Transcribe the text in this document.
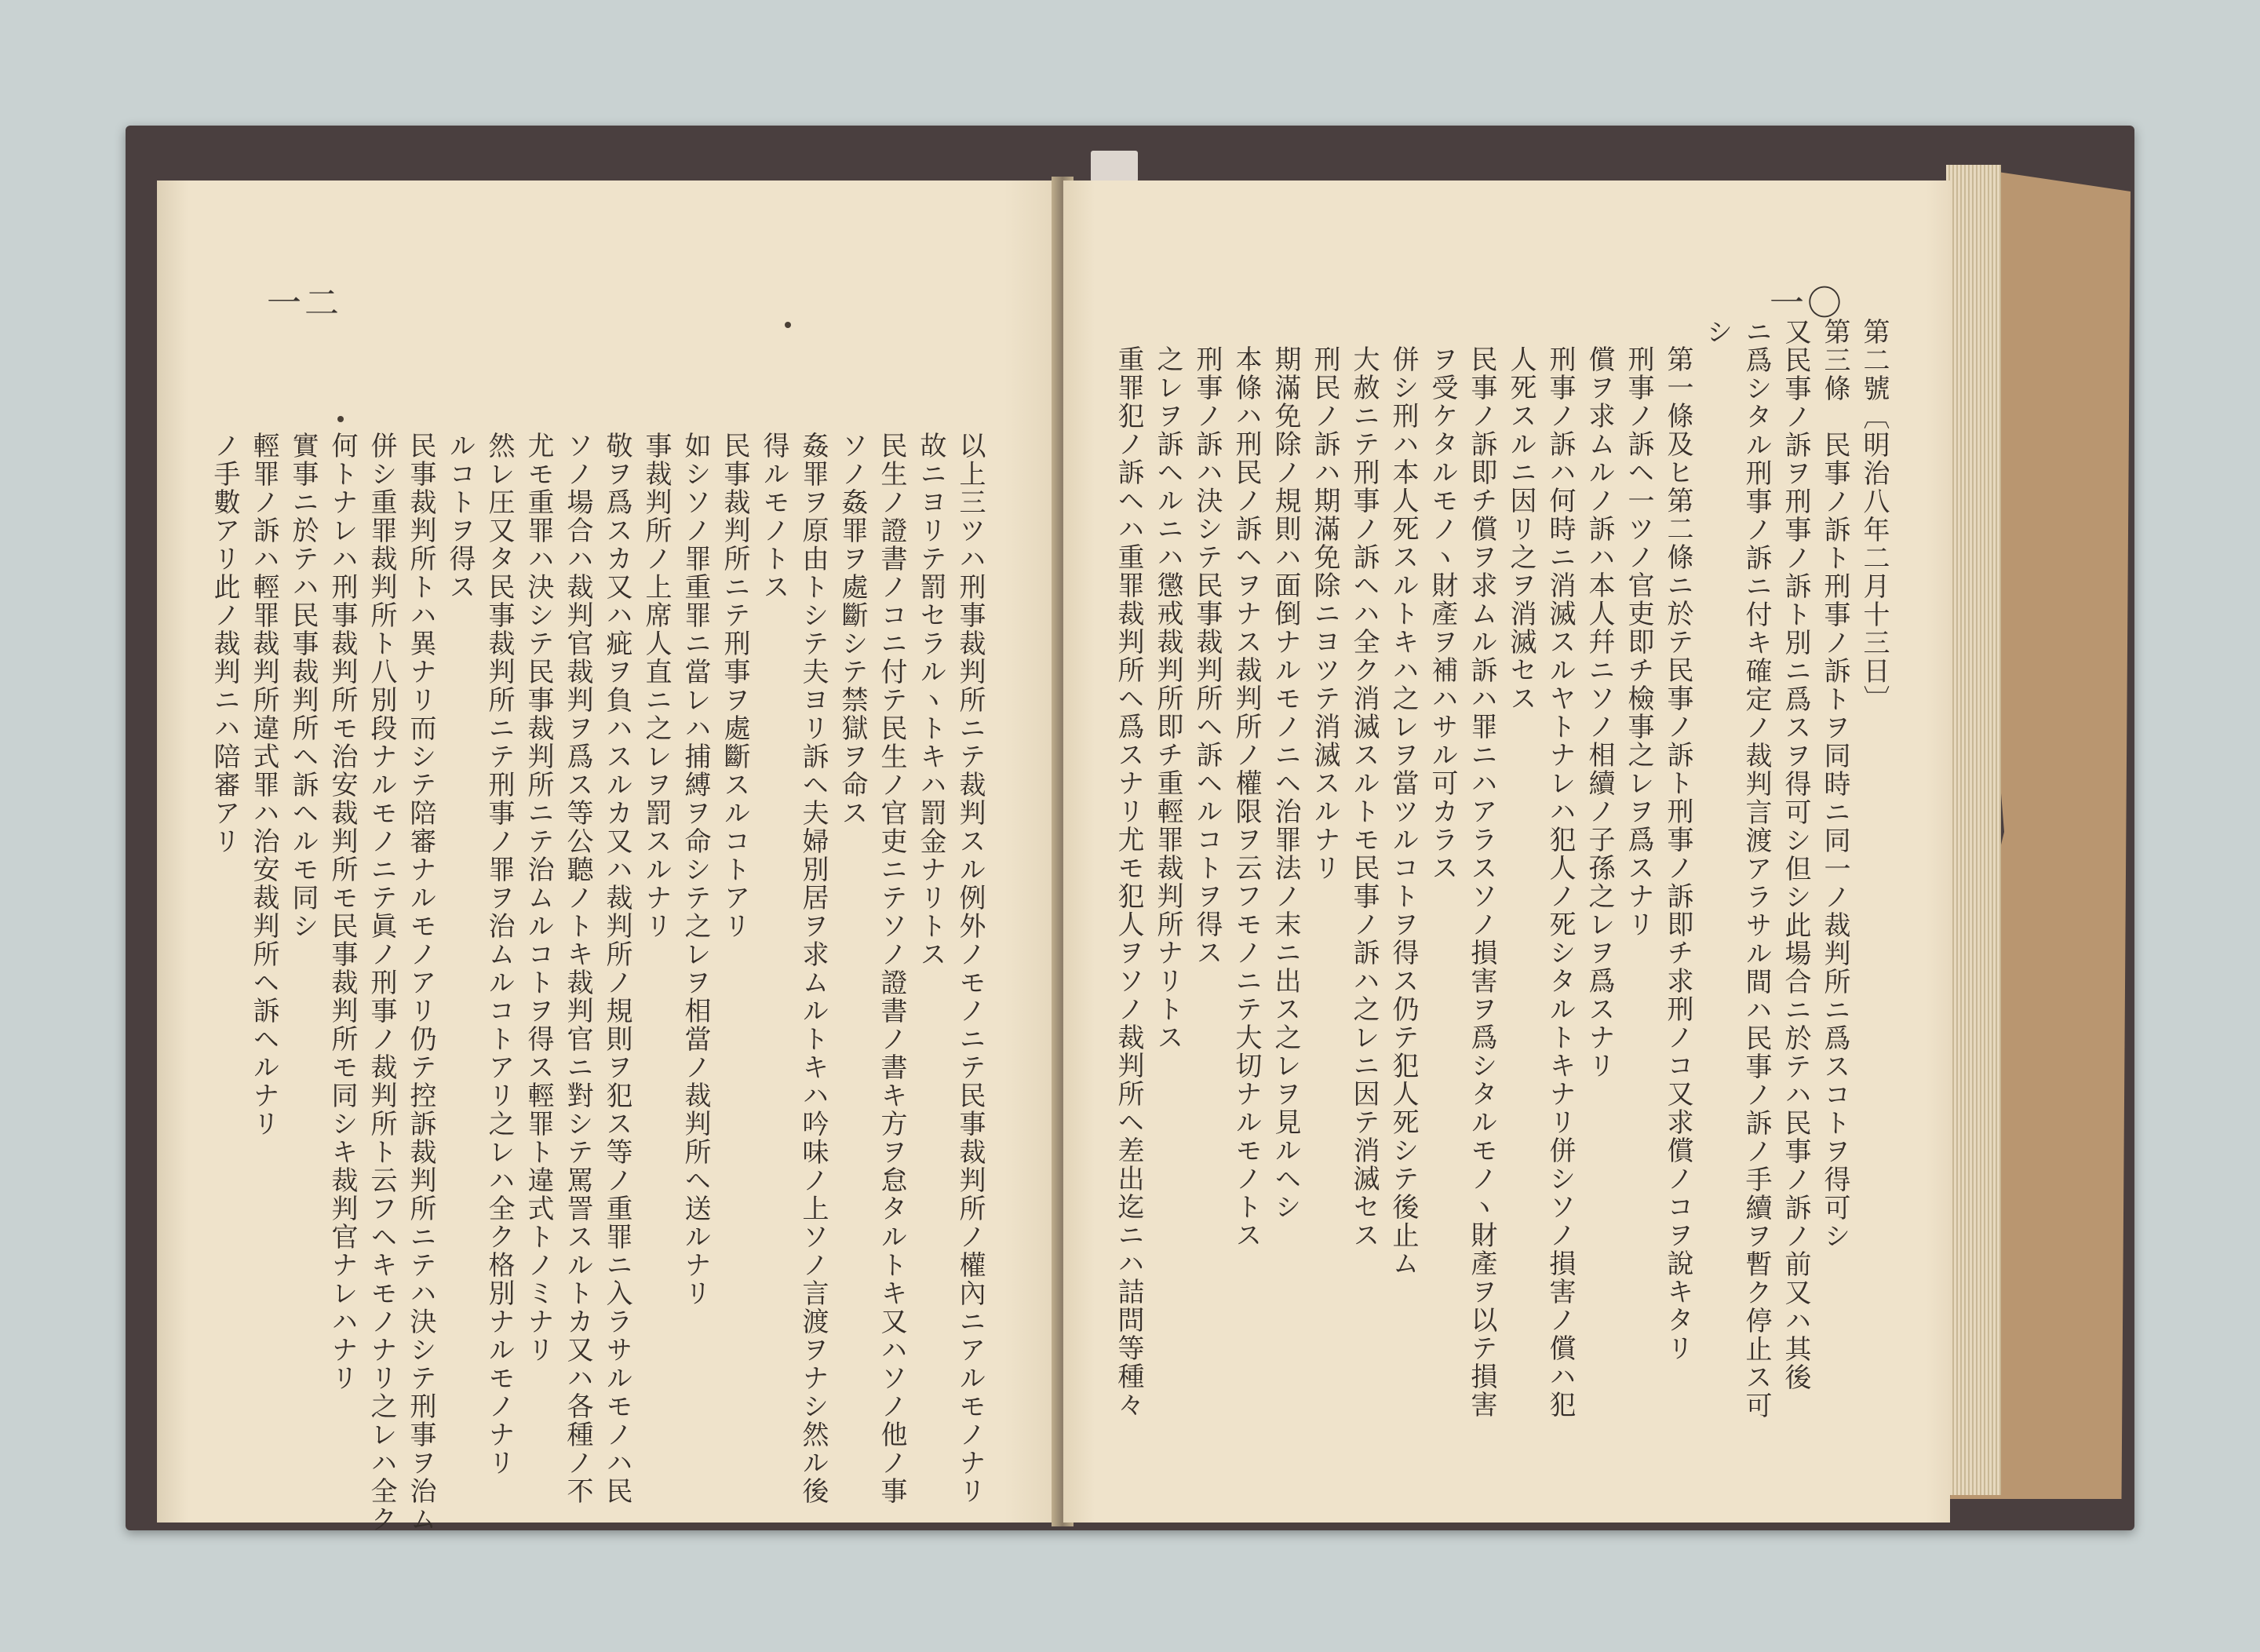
一二
ノ手數アリ此ノ裁判ニハ陪審アリ 輕罪ノ訴ハ輕罪裁判所違式罪ハ治安裁判所ヘ訴ヘルナリ 實事ニ於テハ民事裁判所ヘ訴ヘルモ同シ 何トナレハ刑事裁判所モ治安裁判所モ民事裁判所モ同シキ裁判官ナレハナリ 併シ重罪裁判所ト八別段ナルモノニテ眞ノ刑事ノ裁判所ト云フヘキモノナリ之レハ全ク 民事裁判所トハ異ナリ而シテ陪審ナルモノアリ仍テ控訴裁判所ニテハ決シテ刑事ヲ治ム ルコトヲ得ス 然レ圧又タ民事裁判所ニテ刑事ノ罪ヲ治ムルコトアリ之レハ全ク格別ナルモノナリ 尤モ重罪ハ決シテ民事裁判所ニテ治ムルコトヲ得ス輕罪ト違式トノミナリ ソノ場合ハ裁判官裁判ヲ爲ス等公聽ノトキ裁判官ニ對シテ罵詈スルトカ又ハ各種ノ不 敬ヲ爲スカ又ハ疵ヲ負ハスルカ又ハ裁判所ノ規則ヲ犯ス等ノ重罪ニ入ラサルモノハ民 事裁判所ノ上席人直ニ之レヲ罰スルナリ 如シソノ罪重罪ニ當レハ捕縛ヲ命シテ之レヲ相當ノ裁判所ヘ送ルナリ 民事裁判所ニテ刑事ヲ處斷スルコトアリ 得ルモノトス 姦罪ヲ原由トシテ夫ヨリ訴ヘ夫婦別居ヲ求ムルトキハ吟味ノ上ソノ言渡ヲナシ然ル後 ソノ姦罪ヲ處斷シテ禁獄ヲ命ス 民生ノ證書ノコニ付テ民生ノ官吏ニテソノ證書ノ書キ方ヲ怠タルトキ又ハソノ他ノ事 故ニヨリテ罰セラルヽトキハ罰金ナリトス 以上三ツハ刑事裁判所ニテ裁判スル例外ノモノニテ民事裁判所ノ權內ニアルモノナリ
一〇
第二號〔明治八年二月十三日〕
第三條　民事ノ訴ト刑事ノ訴トヲ同時ニ同一ノ裁判所ニ爲スコトヲ得可シ
又民事ノ訴ヲ刑事ノ訴ト別ニ爲スヲ得可シ但シ此場合ニ於テハ民事ノ訴ノ前又ハ其後
ニ爲シタル刑事ノ訴ニ付キ確定ノ裁判言渡アラサル間ハ民事ノ訴ノ手續ヲ暫ク停止ス可
シ
第一條及ヒ第二條ニ於テ民事ノ訴ト刑事ノ訴即チ求刑ノコ又求償ノコヲ說キタリ
刑事ノ訴ヘ一ツノ官吏即チ檢事之レヲ爲スナリ
償ヲ求ムルノ訴ハ本人幷ニソノ相續ノ子孫之レヲ爲スナリ
刑事ノ訴ハ何時ニ消滅スルヤトナレハ犯人ノ死シタルトキナリ併シソノ損害ノ償ハ犯
人死スルニ因リ之ヲ消滅セス
民事ノ訴即チ償ヲ求ムル訴ハ罪ニハアラスソノ損害ヲ爲シタルモノヽ財產ヲ以テ損害
ヲ受ケタルモノヽ財產ヲ補ハサル可カラス
併シ刑ハ本人死スルトキハ之レヲ當ツルコトヲ得ス仍テ犯人死シテ後止ム
大赦ニテ刑事ノ訴ヘハ全ク消滅スルトモ民事ノ訴ハ之レニ因テ消滅セス
刑民ノ訴ハ期滿免除ニヨツテ消滅スルナリ
期滿免除ノ規則ハ面倒ナルモノニヘ治罪法ノ末ニ出ス之レヲ見ルヘシ
本條ハ刑民ノ訴ヘヲナス裁判所ノ權限ヲ云フモノニテ大切ナルモノトス
刑事ノ訴ハ決シテ民事裁判所ヘ訴ヘルコトヲ得ス
之レヲ訴ヘルニハ懲戒裁判所即チ重輕罪裁判所ナリトス
重罪犯ノ訴ヘハ重罪裁判所ヘ爲スナリ尤モ犯人ヲソノ裁判所ヘ差出迄ニハ詰問等種々
